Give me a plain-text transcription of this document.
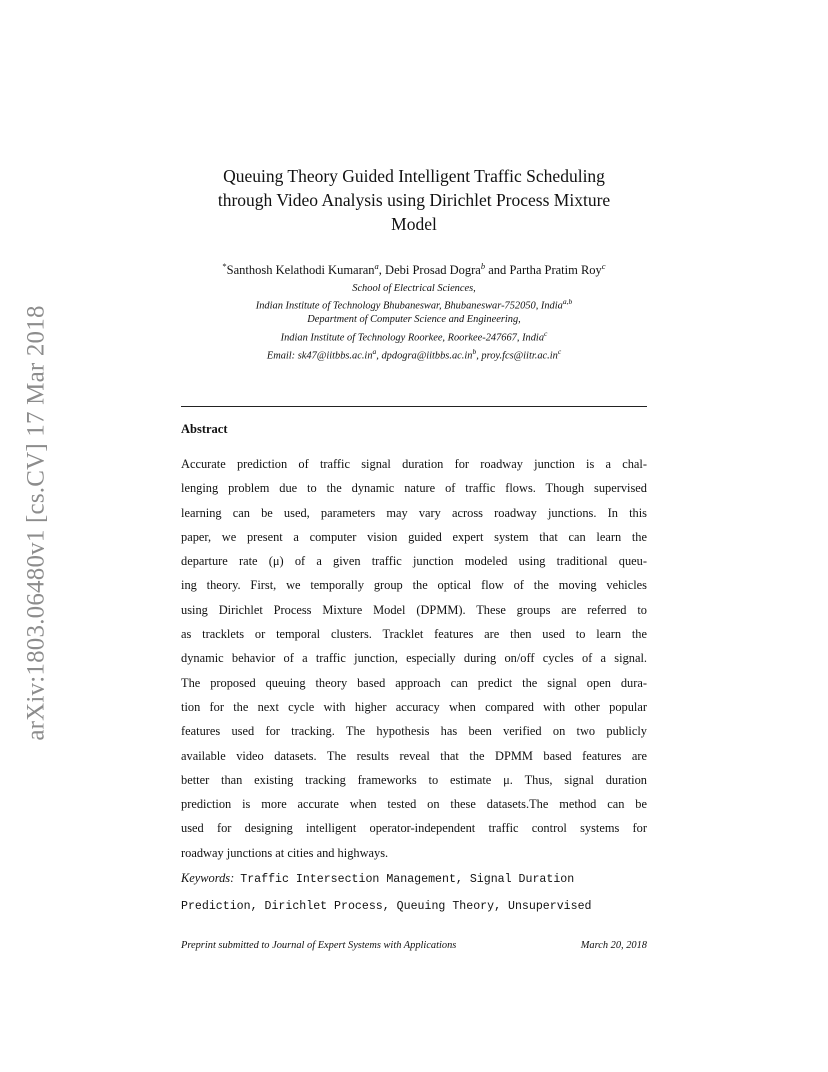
arXiv:1803.06480v1 [cs.CV] 17 Mar 2018
Queuing Theory Guided Intelligent Traffic Scheduling
through Video Analysis using Dirichlet Process Mixture
Model
*Santhosh Kelathodi Kumaran$^a$, Debi Prosad Dogra$^b$ and Partha Pratim Roy$^c$
School of Electrical Sciences,
Indian Institute of Technology Bhubaneswar, Bhubaneswar-752050, India$^{a,b}$
Department of Computer Science and Engineering,
Indian Institute of Technology Roorkee, Roorkee-247667, India$^c$
Email: $sk47@iitbbs.ac.in^a$, $dpdogra@iitbbs.ac.in^b$, $proy.fcs@iitr.ac.in^c$
Abstract
Accurate prediction of traffic signal duration for roadway junction is a chal-
lenging problem due to the dynamic nature of traffic flows. Though supervised
learning can be used, parameters may vary across roadway junctions. In this
paper, we present a computer vision guided expert system that can learn the
departure rate (μ) of a given traffic junction modeled using traditional queu-
ing theory. First, we temporally group the optical flow of the moving vehicles
using Dirichlet Process Mixture Model (DPMM). These groups are referred to
as tracklets or temporal clusters. Tracklet features are then used to learn the
dynamic behavior of a traffic junction, especially during on/off cycles of a signal.
The proposed queuing theory based approach can predict the signal open dura-
tion for the next cycle with higher accuracy when compared with other popular
features used for tracking. The hypothesis has been verified on two publicly
available video datasets. The results reveal that the DPMM based features are
better than existing tracking frameworks to estimate μ. Thus, signal duration
prediction is more accurate when tested on these datasets.The method can be
used for designing intelligent operator-independent traffic control systems for
roadway junctions at cities and highways.
Keywords: Traffic Intersection Management, Signal Duration
Prediction, Dirichlet Process, Queuing Theory, Unsupervised
Preprint submitted to Journal of Expert Systems with Applications	March 20, 2018
